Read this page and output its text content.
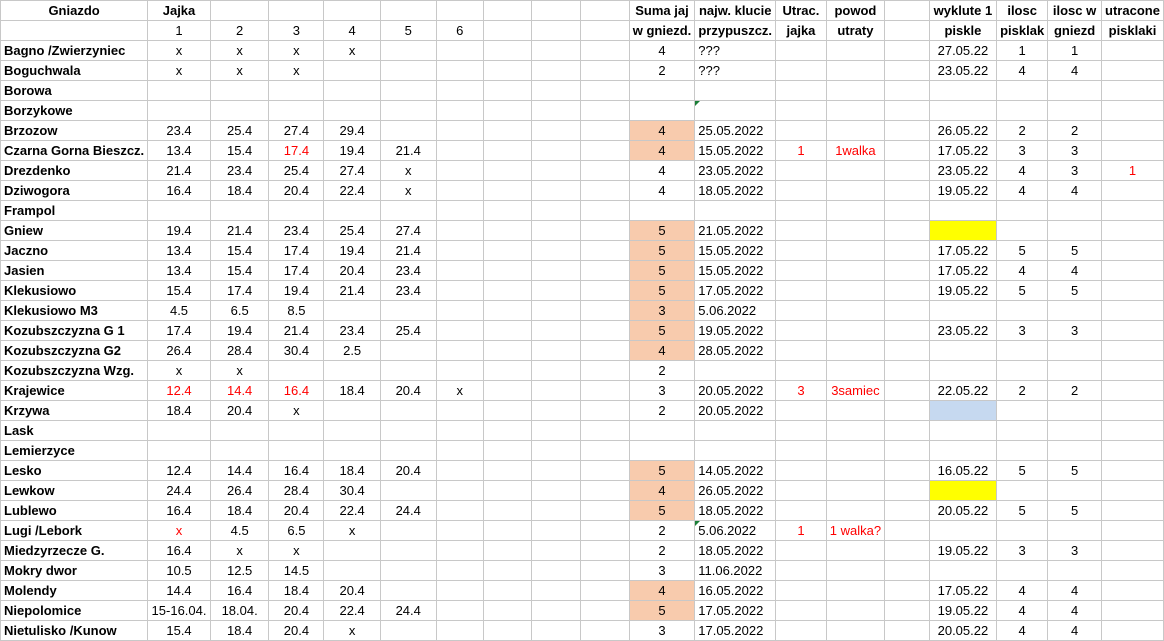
Gniazdo	Jajka									Suma jaj	najw. klucie	Utrac.	powod		wyklute 1	ilosc	ilosc w	utracone
	1	2	3	4	5	6				w gniezd.	przypuszcz.	jajka	utraty		piskle	pisklak	gniezd	pisklaki
Bagno /Zwierzyniec	x	x	x	x						4	???				27.05.22	1	1	
Boguchwala	x	x	x							2	???				23.05.22	4	4	
Borowa																		
Borzykowe																		
Brzozow	23.4	25.4	27.4	29.4						4	25.05.2022				26.05.22	2	2	
Czarna Gorna Bieszcz.	13.4	15.4	17.4	19.4	21.4					4	15.05.2022	1	1walka		17.05.22	3	3	
Drezdenko	21.4	23.4	25.4	27.4	x					4	23.05.2022				23.05.22	4	3	1
Dziwogora	16.4	18.4	20.4	22.4	x					4	18.05.2022				19.05.22	4	4	
Frampol																		
Gniew	19.4	21.4	23.4	25.4	27.4					5	21.05.2022							
Jaczno	13.4	15.4	17.4	19.4	21.4					5	15.05.2022				17.05.22	5	5	
Jasien	13.4	15.4	17.4	20.4	23.4					5	15.05.2022				17.05.22	4	4	
Klekusiowo	15.4	17.4	19.4	21.4	23.4					5	17.05.2022				19.05.22	5	5	
Klekusiowo M3	4.5	6.5	8.5							3	5.06.2022							
Kozubszczyzna G 1	17.4	19.4	21.4	23.4	25.4					5	19.05.2022				23.05.22	3	3	
Kozubszczyzna G2	26.4	28.4	30.4	2.5						4	28.05.2022							
Kozubszczyzna Wzg.	x	x								2								
Krajewice	12.4	14.4	16.4	18.4	20.4	x				3	20.05.2022	3	3samiec		22.05.22	2	2	
Krzywa	18.4	20.4	x							2	20.05.2022							
Lask																		
Lemierzyce																		
Lesko	12.4	14.4	16.4	18.4	20.4					5	14.05.2022				16.05.22	5	5	
Lewkow	24.4	26.4	28.4	30.4						4	26.05.2022							
Lublewo	16.4	18.4	20.4	22.4	24.4					5	18.05.2022				20.05.22	5	5	
Lugi /Lebork	x	4.5	6.5	x						2	5.06.2022	1	1 walka?					
Miedzyrzecze G.	16.4	x	x							2	18.05.2022				19.05.22	3	3	
Mokry dwor	10.5	12.5	14.5							3	11.06.2022							
Molendy	14.4	16.4	18.4	20.4						4	16.05.2022				17.05.22	4	4	
Niepolomice	15-16.04.	18.04.	20.4	22.4	24.4					5	17.05.2022				19.05.22	4	4	
Nietulisko /Kunow	15.4	18.4	20.4	x						3	17.05.2022				20.05.22	4	4	
